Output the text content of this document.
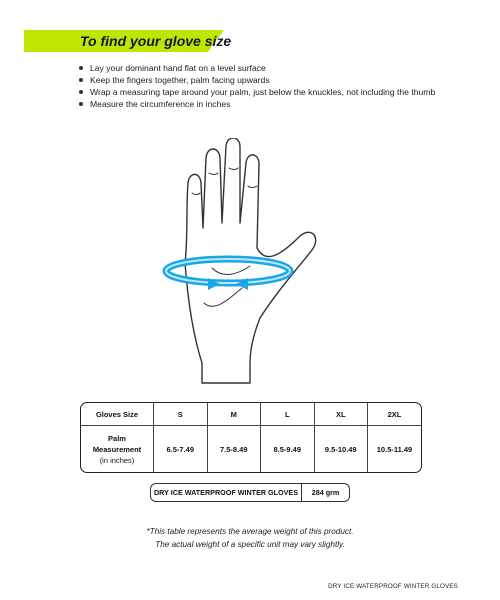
To find your glove size
Lay your dominant hand flat on a level surface
Keep the fingers together, palm facing upwards
Wrap a measuring tape around your palm, just below the knuckles, not including the thumb
Measure the circumference in inches
Gloves Size	S	M	L	XL	2XL

Palm
Measurement
(in inches)	6.5-7.49	7.5-8.49	8.5-9.49	9.5-10.49	10.5-11.49
DRY ICE WATERPROOF WINTER GLOVES	284 grm
*This table represents the average weight of this product.
The actual weight of a specific unit may vary slightly.
DRY ICE WATERPROOF WINTER GLOVES
